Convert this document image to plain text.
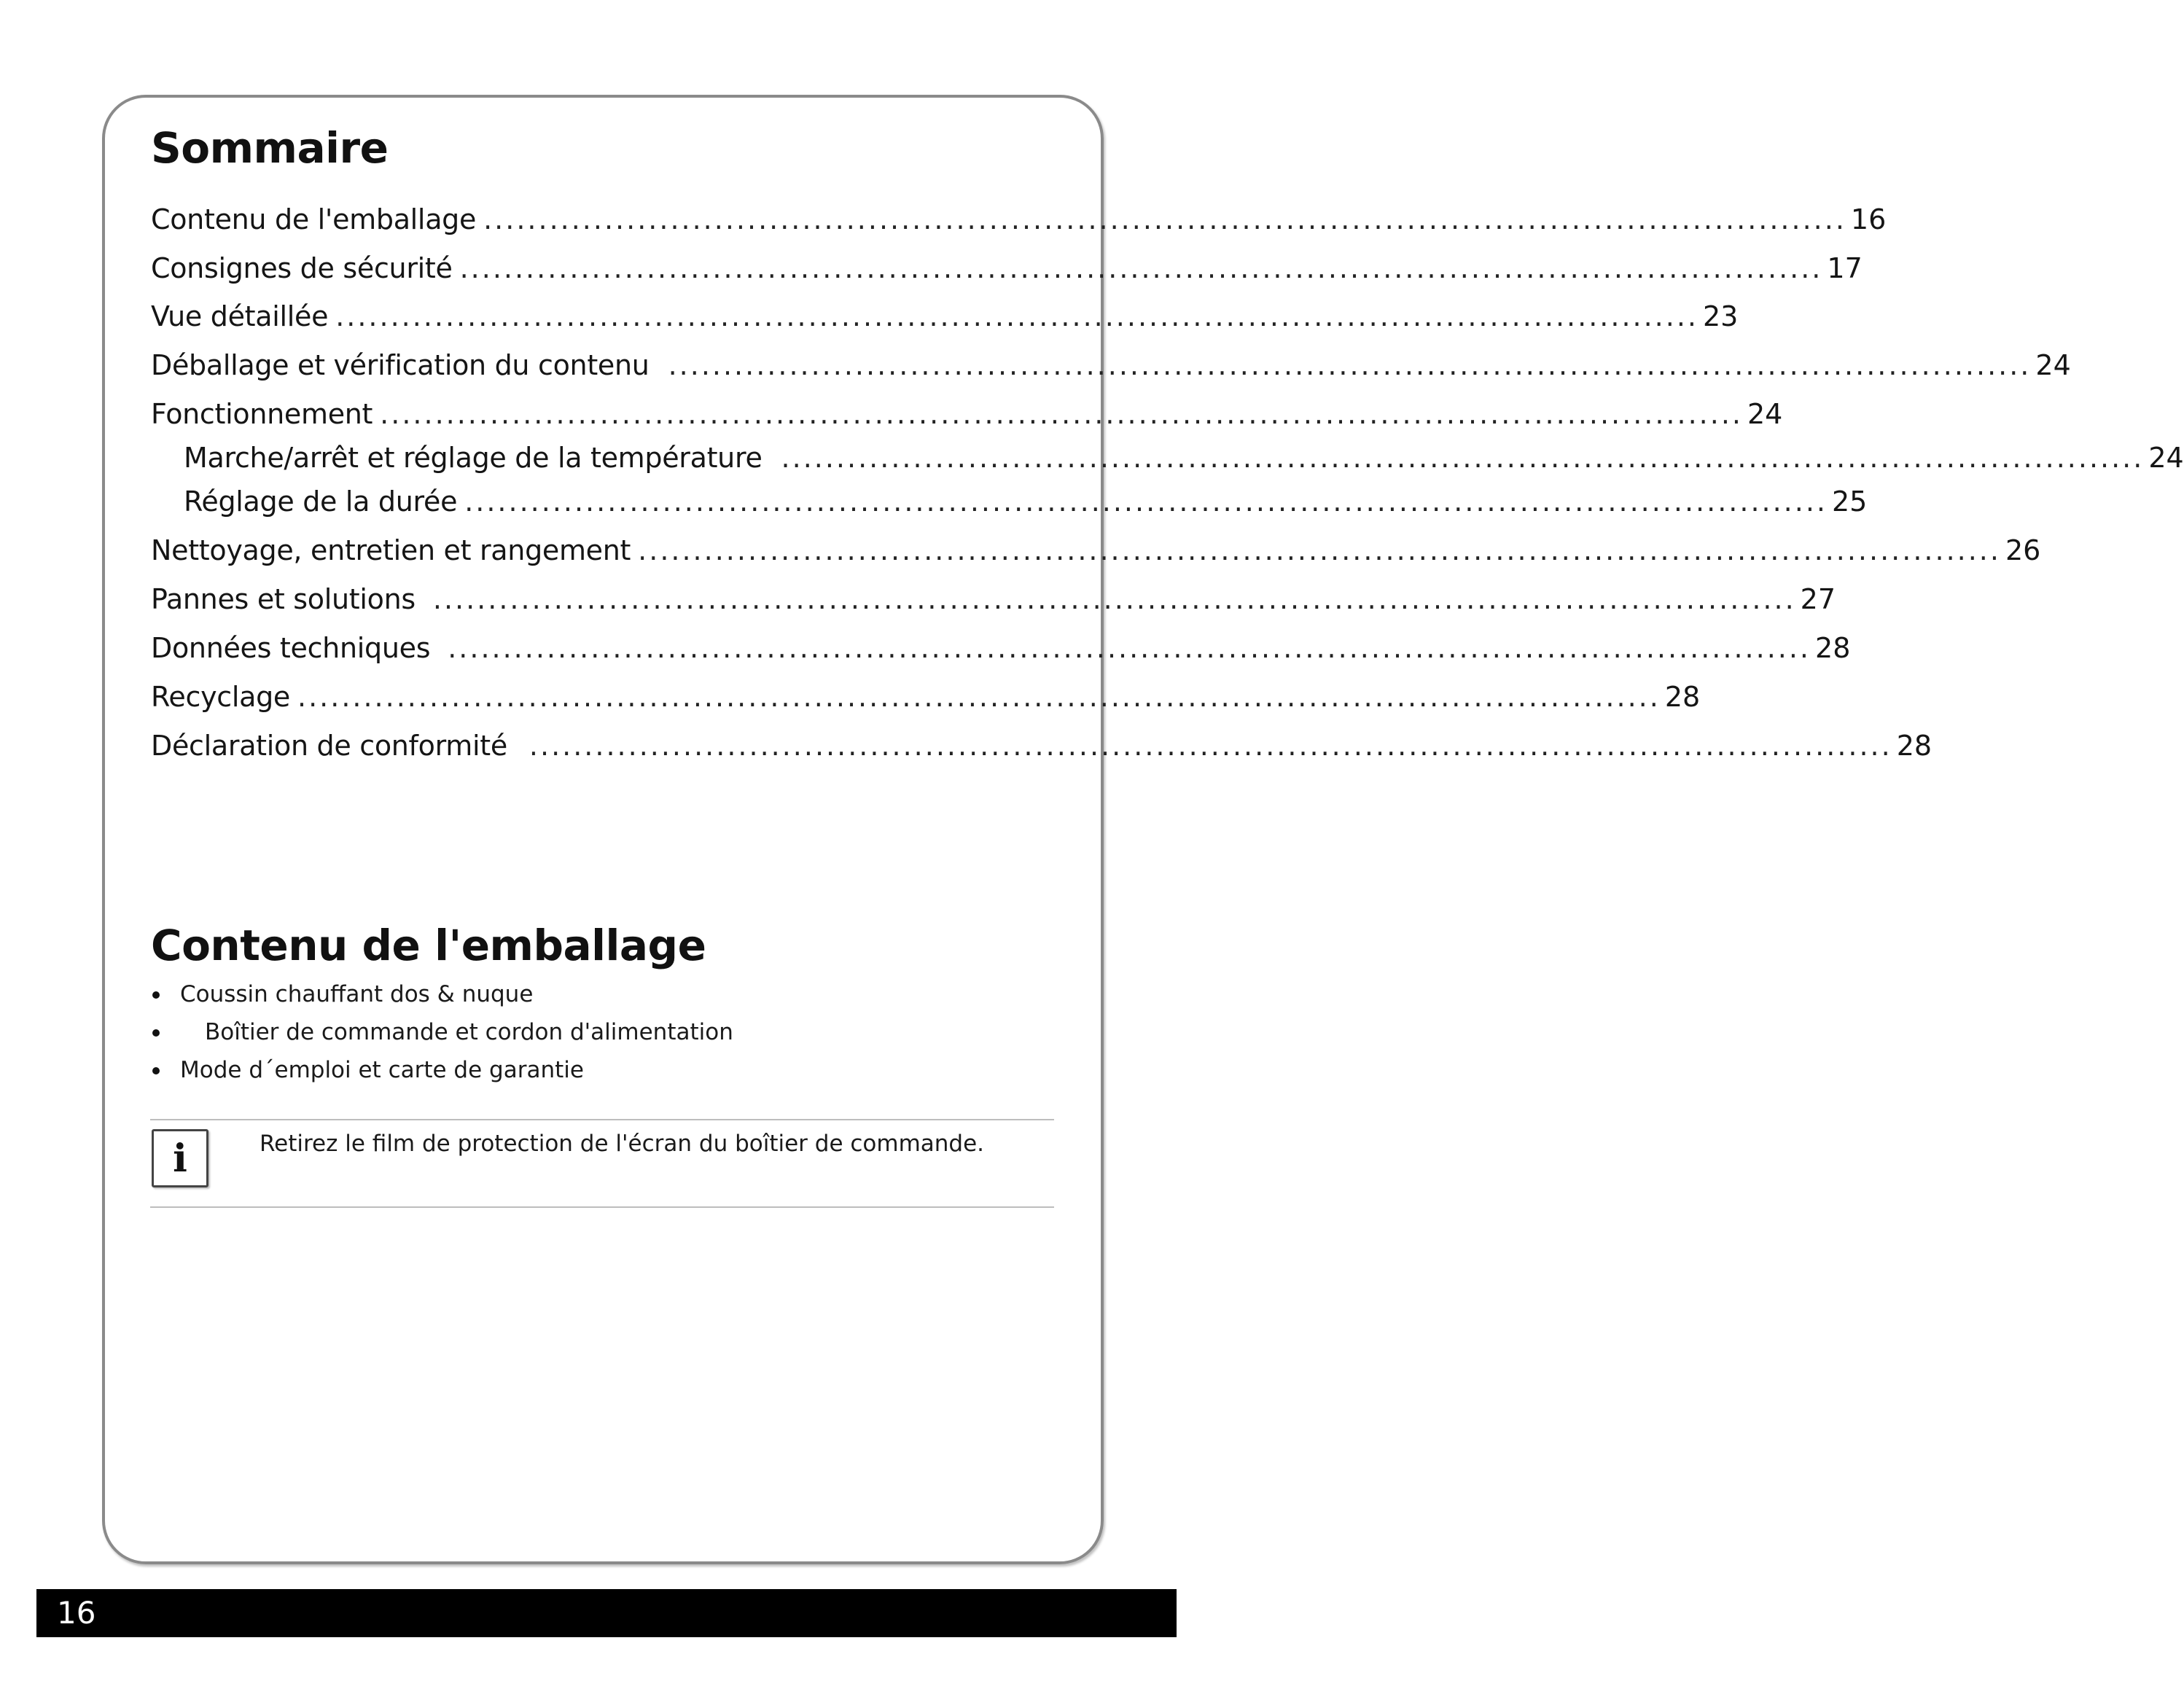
Sommaire
Contenu de l'emballage ............................................................................................................................ 16
Consignes de sécurité ............................................................................................................................ 17
Vue détaillée ............................................................................................................................ 23
Déballage et vérification du contenu ............................................................................................................................ 24
Fonctionnement ............................................................................................................................ 24
Marche/arrêt et réglage de la température ............................................................................................................................ 24
Réglage de la durée ............................................................................................................................ 25
Nettoyage, entretien et rangement ............................................................................................................................ 26
Pannes et solutions ............................................................................................................................ 27
Données techniques ............................................................................................................................ 28
Recyclage ............................................................................................................................ 28
Déclaration de conformité ............................................................................................................................ 28
Contenu de l'emballage
Coussin chauffant dos & nuque
Boîtier de commande et cordon d'alimentation
Mode d´emploi et carte de garantie
i	Retirez le film de protection de l'écran du boîtier de commande.
16
